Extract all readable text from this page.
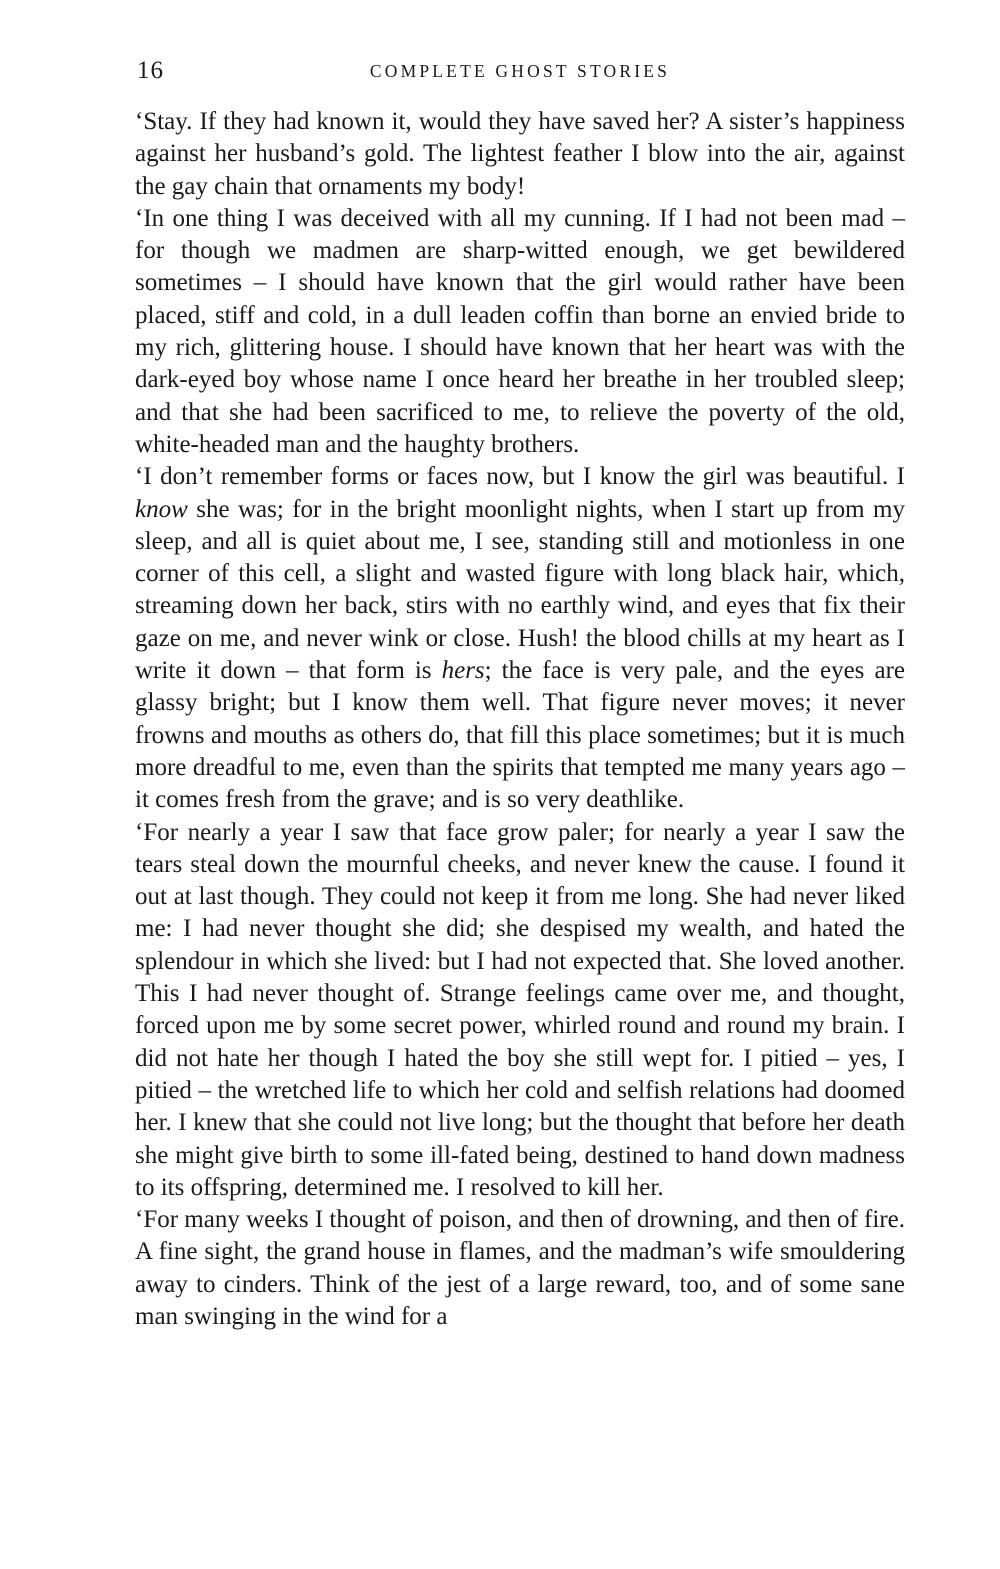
16	COMPLETE GHOST STORIES

‘Stay. If they had known it, would they have saved her? A sister’s happiness against her husband’s gold. The lightest feather I blow into the air, against the gay chain that ornaments my body!

‘In one thing I was deceived with all my cunning. If I had not been mad – for though we madmen are sharp-witted enough, we get bewildered sometimes – I should have known that the girl would rather have been placed, stiff and cold, in a dull leaden coffin than borne an envied bride to my rich, glittering house. I should have known that her heart was with the dark-eyed boy whose name I once heard her breathe in her troubled sleep; and that she had been sacrificed to me, to relieve the poverty of the old, white-headed man and the haughty brothers.

‘I don’t remember forms or faces now, but I know the girl was beautiful. I know she was; for in the bright moonlight nights, when I start up from my sleep, and all is quiet about me, I see, standing still and motionless in one corner of this cell, a slight and wasted figure with long black hair, which, streaming down her back, stirs with no earthly wind, and eyes that fix their gaze on me, and never wink or close. Hush! the blood chills at my heart as I write it down – that form is hers; the face is very pale, and the eyes are glassy bright; but I know them well. That figure never moves; it never frowns and mouths as others do, that fill this place sometimes; but it is much more dreadful to me, even than the spirits that tempted me many years ago – it comes fresh from the grave; and is so very deathlike.

‘For nearly a year I saw that face grow paler; for nearly a year I saw the tears steal down the mournful cheeks, and never knew the cause. I found it out at last though. They could not keep it from me long. She had never liked me: I had never thought she did; she despised my wealth, and hated the splendour in which she lived: but I had not expected that. She loved another. This I had never thought of. Strange feelings came over me, and thought, forced upon me by some secret power, whirled round and round my brain. I did not hate her though I hated the boy she still wept for. I pitied – yes, I pitied – the wretched life to which her cold and selfish relations had doomed her. I knew that she could not live long; but the thought that before her death she might give birth to some ill-fated being, destined to hand down madness to its offspring, determined me. I resolved to kill her.

‘For many weeks I thought of poison, and then of drowning, and then of fire. A fine sight, the grand house in flames, and the madman’s wife smouldering away to cinders. Think of the jest of a large reward, too, and of some sane man swinging in the wind for a
